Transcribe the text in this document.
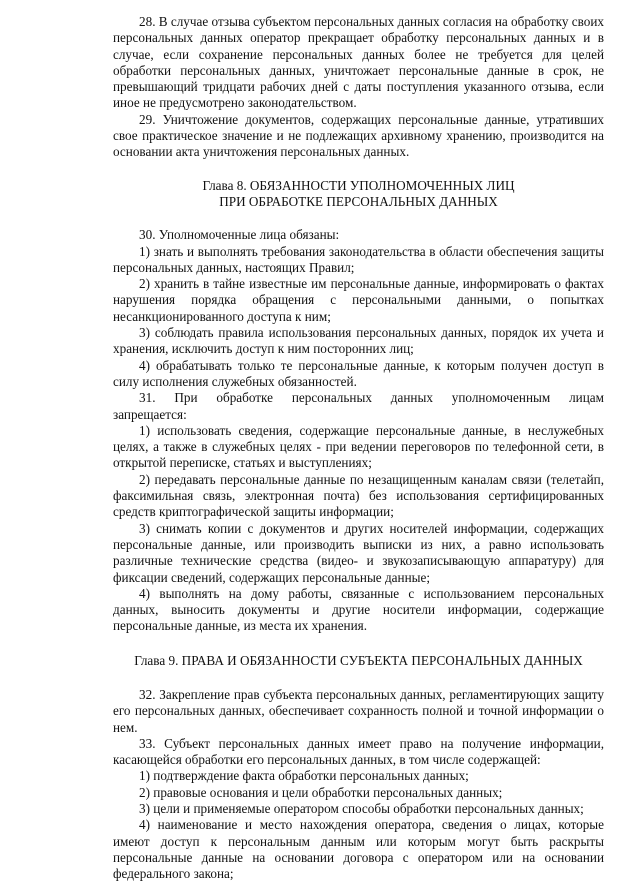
28. В случае отзыва субъектом персональных данных согласия на обработку своих персональных данных оператор прекращает обработку персональных данных и в случае, если сохранение персональных данных более не требуется для целей обработки персональных данных, уничтожает персональные данные в срок, не превышающий тридцати рабочих дней с даты поступления указанного отзыва, если иное не предусмотрено законодательством.

29. Уничтожение документов, содержащих персональные данные, утративших свое практическое значение и не подлежащих архивному хранению, производится на основании акта уничтожения персональных данных.

Глава 8. ОБЯЗАННОСТИ УПОЛНОМОЧЕННЫХ ЛИЦ

ПРИ ОБРАБОТКЕ ПЕРСОНАЛЬНЫХ ДАННЫХ

30. Уполномоченные лица обязаны:

1) знать и выполнять требования законодательства в области обеспечения защиты персональных данных, настоящих Правил;

2) хранить в тайне известные им персональные данные, информировать о фактах нарушения порядка обращения с персональными данными, о попытках несанкционированного доступа к ним;

3) соблюдать правила использования персональных данных, порядок их учета и хранения, исключить доступ к ним посторонних лиц;

4) обрабатывать только те персональные данные, к которым получен доступ в силу исполнения служебных обязанностей.

31. При обработке персональных данных уполномоченным лицам

запрещается:

1) использовать сведения, содержащие персональные данные, в неслужебных целях, а также в служебных целях - при ведении переговоров по телефонной сети, в открытой переписке, статьях и выступлениях;

2) передавать персональные данные по незащищенным каналам связи (телетайп, факсимильная связь, электронная почта) без использования сертифицированных средств криптографической защиты информации;

3) снимать копии с документов и других носителей информации, содержащих персональные данные, или производить выписки из них, а равно использовать различные технические средства (видео- и звукозаписывающую аппаратуру) для фиксации сведений, содержащих персональные данные;

4) выполнять на дому работы, связанные с использованием персональных данных, выносить документы и другие носители информации, содержащие персональные данные, из места их хранения.

Глава 9. ПРАВА И ОБЯЗАННОСТИ СУБЪЕКТА ПЕРСОНАЛЬНЫХ ДАННЫХ

32. Закрепление прав субъекта персональных данных, регламентирующих защиту его персональных данных, обеспечивает сохранность полной и точной информации о нем.

33. Субъект персональных данных имеет право на получение информации, касающейся обработки его персональных данных, в том числе содержащей:

1) подтверждение факта обработки персональных данных;

2) правовые основания и цели обработки персональных данных;

3) цели и применяемые оператором способы обработки персональных данных;

4) наименование и место нахождения оператора, сведения о лицах, которые имеют доступ к персональным данным или которым могут быть раскрыты персональные данные на основании договора с оператором или на основании федерального закона;
